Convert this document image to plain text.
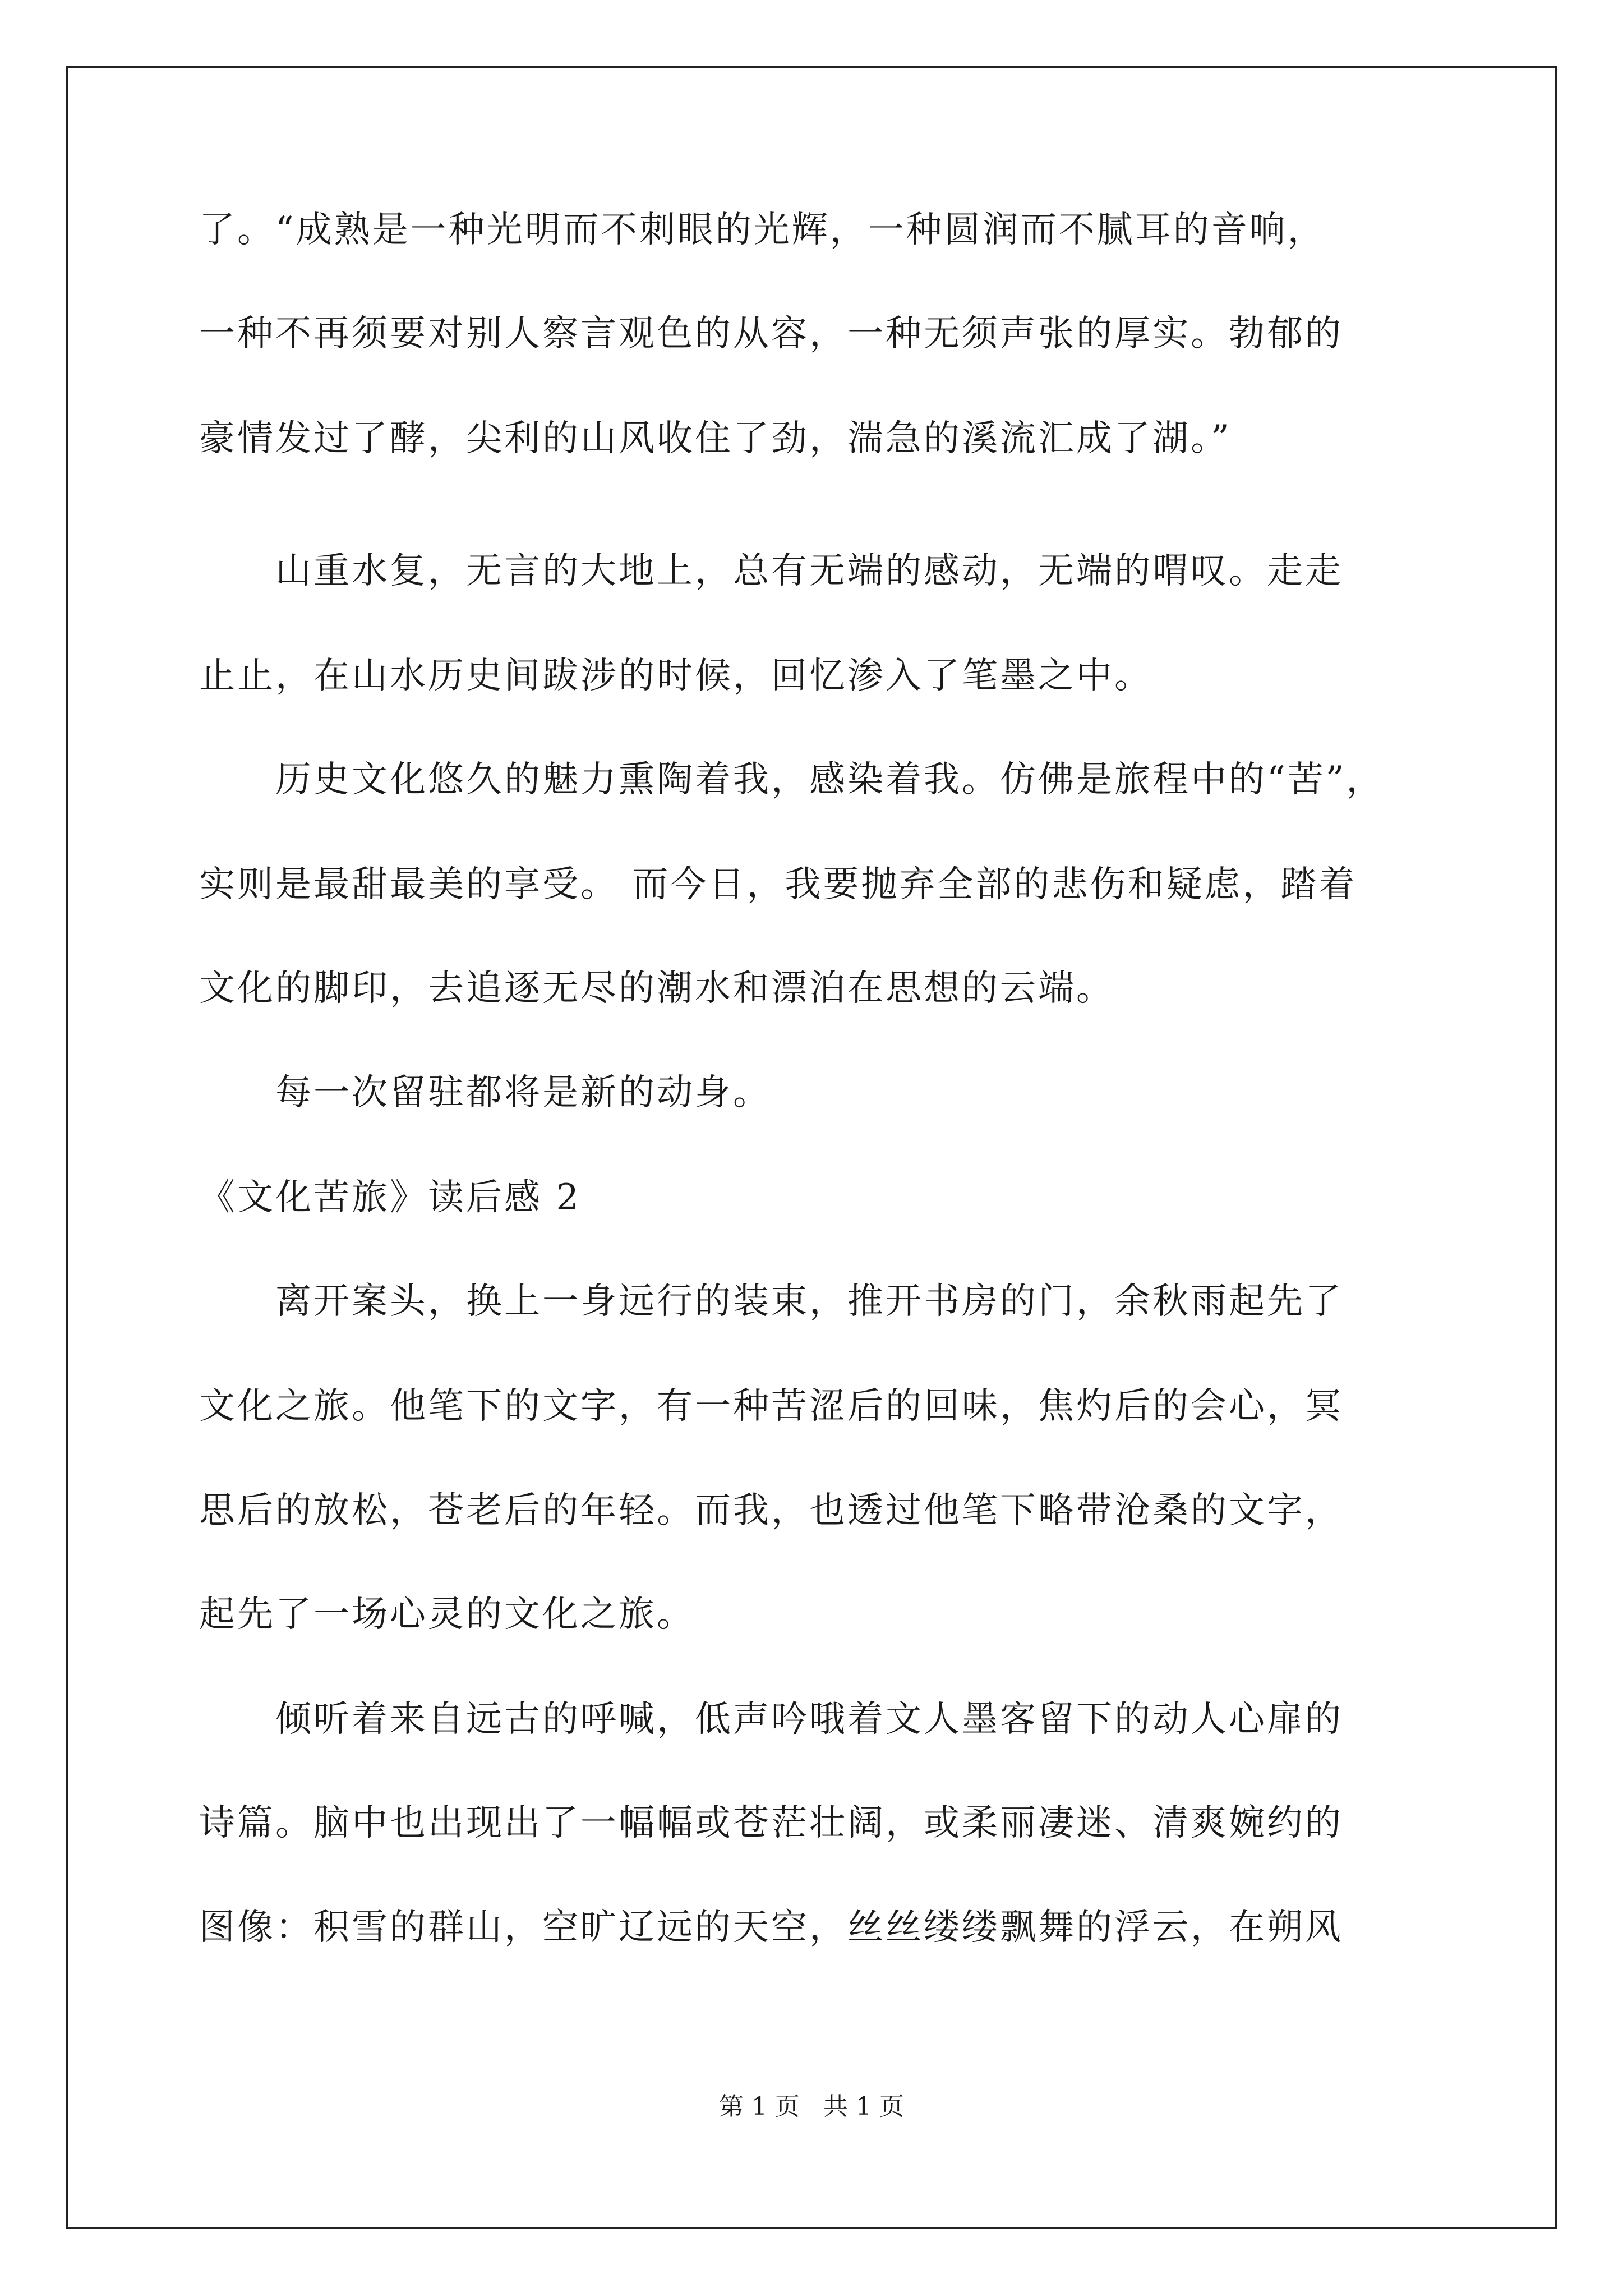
了。“成熟是一种光明而不刺眼的光辉，一种圆润而不腻耳的音响，
一种不再须要对别人察言观色的从容，一种无须声张的厚实。勃郁的
豪情发过了酵，尖利的山风收住了劲，湍急的溪流汇成了湖。”
　　山重水复，无言的大地上，总有无端的感动，无端的喟叹。走走
止止，在山水历史间跋涉的时候，回忆渗入了笔墨之中。
　　历史文化悠久的魅力熏陶着我，感染着我。仿佛是旅程中的“苦”，
实则是最甜最美的享受。 而今日，我要抛弃全部的悲伤和疑虑，踏着
文化的脚印，去追逐无尽的潮水和漂泊在思想的云端。
　　每一次留驻都将是新的动身。
《文化苦旅》读后感 2
　　离开案头，换上一身远行的装束，推开书房的门，余秋雨起先了
文化之旅。他笔下的文字，有一种苦涩后的回味，焦灼后的会心，冥
思后的放松，苍老后的年轻。而我，也透过他笔下略带沧桑的文字，
起先了一场心灵的文化之旅。
　　倾听着来自远古的呼喊，低声吟哦着文人墨客留下的动人心扉的
诗篇。脑中也出现出了一幅幅或苍茫壮阔，或柔丽凄迷、清爽婉约的
图像：积雪的群山，空旷辽远的天空，丝丝缕缕飘舞的浮云，在朔风
第 1 页   共 1 页
